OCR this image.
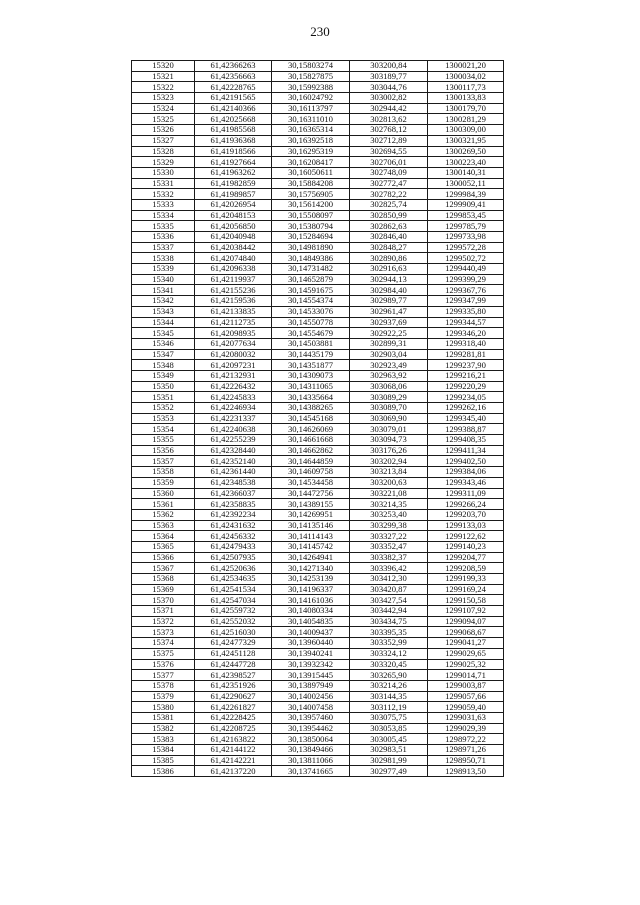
230
15320	61,42366263	30,15803274	303200,84	1300021,20
15321	61,42356663	30,15827875	303189,77	1300034,02
15322	61,42228765	30,15992388	303044,76	1300117,73
15323	61,42191565	30,16024792	303002,82	1300133,83
15324	61,42140366	30,16113797	302944,42	1300179,70
15325	61,42025668	30,16311010	302813,62	1300281,29
15326	61,41985568	30,16365314	302768,12	1300309,00
15327	61,41936368	30,16392518	302712,89	1300321,95
15328	61,41918566	30,16295319	302694,55	1300269,50
15329	61,41927664	30,16208417	302706,01	1300223,40
15330	61,41963262	30,16050611	302748,09	1300140,31
15331	61,41982859	30,15884208	302772,47	1300052,11
15332	61,41989857	30,15756905	302782,22	1299984,39
15333	61,42026954	30,15614200	302825,74	1299909,41
15334	61,42048153	30,15508097	302850,99	1299853,45
15335	61,42056850	30,15380794	302862,63	1299785,79
15336	61,42040948	30,15284694	302846,40	1299733,98
15337	61,42038442	30,14981890	302848,27	1299572,28
15338	61,42074840	30,14849386	302890,86	1299502,72
15339	61,42096338	30,14731482	302916,63	1299440,49
15340	61,42119937	30,14652879	302944,13	1299399,29
15341	61,42155236	30,14591675	302984,40	1299367,76
15342	61,42159536	30,14554374	302989,77	1299347,99
15343	61,42133835	30,14533076	302961,47	1299335,80
15344	61,42112735	30,14550778	302937,69	1299344,57
15345	61,42098935	30,14554679	302922,25	1299346,20
15346	61,42077634	30,14503881	302899,31	1299318,40
15347	61,42080032	30,14435179	302903,04	1299281,81
15348	61,42097231	30,14351877	302923,49	1299237,90
15349	61,42132931	30,14309073	302963,92	1299216,21
15350	61,42226432	30,14311065	303068,06	1299220,29
15351	61,42245833	30,14335664	303089,29	1299234,05
15352	61,42246934	30,14388265	303089,70	1299262,16
15353	61,42231337	30,14545168	303069,90	1299345,40
15354	61,42240638	30,14626069	303079,01	1299388,87
15355	61,42255239	30,14661668	303094,73	1299408,35
15356	61,42328440	30,14662862	303176,26	1299411,34
15357	61,42352140	30,14644859	303202,94	1299402,50
15358	61,42361440	30,14609758	303213,84	1299384,06
15359	61,42348538	30,14534458	303200,63	1299343,46
15360	61,42366037	30,14472756	303221,08	1299311,09
15361	61,42358835	30,14389155	303214,35	1299266,24
15362	61,42392234	30,14269951	303253,40	1299203,70
15363	61,42431632	30,14135146	303299,38	1299133,03
15364	61,42456332	30,14114143	303327,22	1299122,62
15365	61,42479433	30,14145742	303352,47	1299140,23
15366	61,42507935	30,14264941	303382,37	1299204,77
15367	61,42520636	30,14271340	303396,42	1299208,59
15368	61,42534635	30,14253139	303412,30	1299199,33
15369	61,42541534	30,14196337	303420,87	1299169,24
15370	61,42547034	30,14161036	303427,54	1299150,58
15371	61,42559732	30,14080334	303442,94	1299107,92
15372	61,42552032	30,14054835	303434,75	1299094,07
15373	61,42516030	30,14009437	303395,35	1299068,67
15374	61,42477329	30,13960440	303352,99	1299041,27
15375	61,42451128	30,13940241	303324,12	1299029,65
15376	61,42447728	30,13932342	303320,45	1299025,32
15377	61,42398527	30,13915445	303265,90	1299014,71
15378	61,42351926	30,13897949	303214,26	1299003,87
15379	61,42290627	30,14002456	303144,35	1299057,66
15380	61,42261827	30,14007458	303112,19	1299059,40
15381	61,42228425	30,13957460	303075,75	1299031,63
15382	61,42208725	30,13954462	303053,85	1299029,39
15383	61,42163822	30,13850064	303005,45	1298972,22
15384	61,42144122	30,13849466	302983,51	1298971,26
15385	61,42142221	30,13811066	302981,99	1298950,71
15386	61,42137220	30,13741665	302977,49	1298913,50
